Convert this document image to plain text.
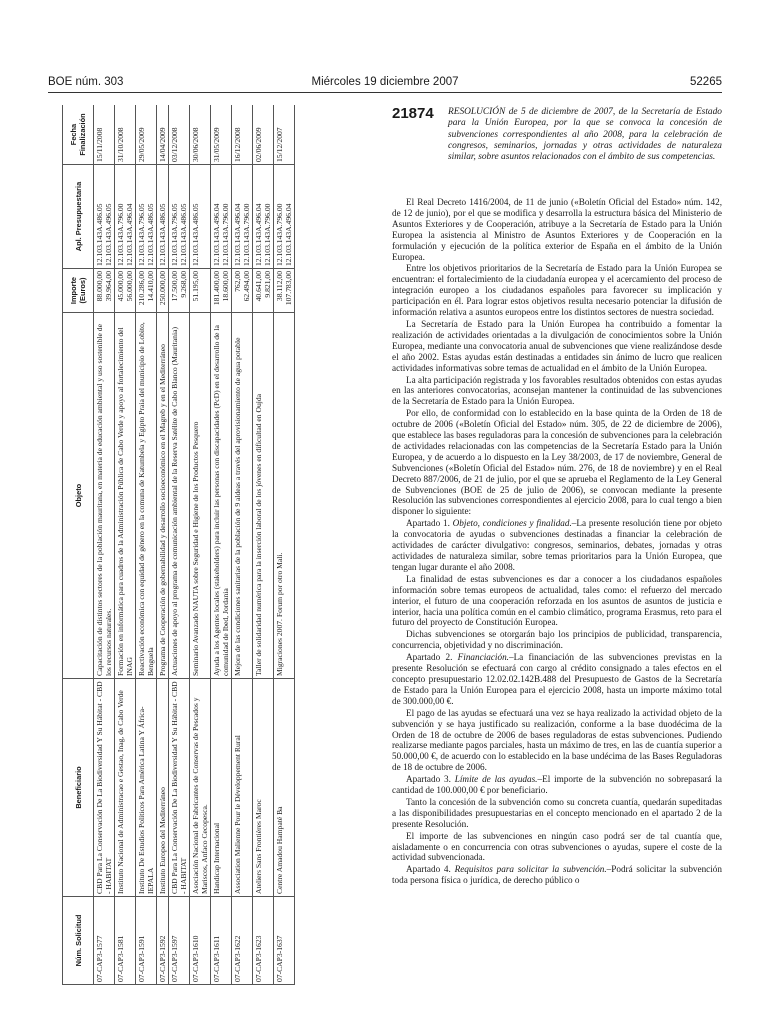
BOE núm. 303	Miércoles 19 diciembre 2007	52265
Núm. Solicitud	Beneficiario	Objeto	Importe (Euros)	Apl. Presupuestaria	Fecha Finalización
07-CAP3-1577	CBD Para La Conservación De La Biodiversidad Y Su Hábitat - CBD - HABITAT	Capacitación de distintos sectores de la población mauritana, en materia de educación ambiental y uso sostenible de los recursos naturales.	88.000,00 39.964,00	12.103.143A.486.05 12.103.143A.496.05	15/11/2008
07-CAP3-1581	Instituto Nacional de Administracao e Gestao, Inag, de Cabo Verde	Formación en informática para cuadros de la Administración Pública de Cabo Verde y apoyo al fortalecimiento del INAG	45.000,00 56.000,00	12.103.143A.796.00 12.103.143A.496.04	31/10/2008
07-CAP3-1591	Instituto De Estudios Políticos Para América Latina Y África-IEPALA	Reactivación económica con equidad de género en la comuna de Katumbela y Egipto Praia del municipio de Lobito, Benguela	210.286,00 14.410,00	12.103.143A.796.05 12.103.143A.486.05	29/05/2009
07-CAP3-1592	Instituto Europeo del Mediterráneo	Programa de Cooperación de gobernabilidad y desarrollo socioeconómico en el Magreb y en el Mediterráneo	250.000,00	12.103.143A.486.05	14/04/2009
07-CAP3-1597	CBD Para La Conservación De La Biodiversidad Y Su Hábitat - CBD - HABITAT	Actuaciones de apoyo al programa de comunicación ambiental de la Reserva Satélite de Cabo Blanco (Mauritania)	17.500,00 9.268,00	12.103.143A.796.05 12.103.143A.486.05	03/12/2008
07-CAP3-1610	Asociación Nacional de Fabricantes de Conservas de Pescados y Mariscos, Anfaco Cecopesca.	Seminario Avanzado NAUTA sobre Seguridad e Higiene de los Productos Pesquero	51.195,00	12.103.143A.486.05	30/06/2008
07-CAP3-1611	Handicap Internacional	Ayuda a los Agentes locales (stakeholders) para incluir las personas con discapacidades (PcD) en el desarrollo de la comunidad de Ibed, Jordania	181.400,00 18.600,00	12.103.143A.496.04 12.103.143A.796.00	31/05/2009
07-CAP3-1622	Association Malienne Pour le Développement Rural	Mejora de las condiciones sanitarias de la población de 9 aldeas a través del aprovisionamiento de agua potable	762,00 62.494,00	12.103.143A.496.04 12.103.143A.796.00	16/12/2008
07-CAP3-1623	Ateliers Sans Frontières Maroc	Taller de solidaridad numérica para la inserción laboral de los jóvenes en dificultad en Oujda	40.641,00 9.821,00	12.103.143A.496.04 12.103.143A.796.00	02/06/2009
07-CAP3-1637	Centre Amadou Hampaté Ba	Migraciones 2007. Forum por otro Mali.	38.112,00 107.783,00	12.103.143A.796.00 12.103.143A.496.04	15/12/2007
21874 RESOLUCIÓN de 5 de diciembre de 2007, de la Secretaría de Estado para la Unión Europea, por la que se convoca la concesión de subvenciones correspondientes al año 2008, para la celebración de congresos, seminarios, jornadas y otras actividades de naturaleza similar, sobre asuntos relacionados con el ámbito de sus competencias.

El Real Decreto 1416/2004, de 11 de junio («Boletín Oficial del Estado» núm. 142, de 12 de junio), por el que se modifica y desarrolla la estructura básica del Ministerio de Asuntos Exteriores y de Cooperación, atribuye a la Secretaría de Estado para la Unión Europea la asistencia al Ministro de Asuntos Exteriores y de Cooperación en la formulación y ejecución de la política exterior de España en el ámbito de la Unión Europea.

Entre los objetivos prioritarios de la Secretaría de Estado para la Unión Europea se encuentran: el fortalecimiento de la ciudadanía europea y el acercamiento del proceso de integración europeo a los ciudadanos españoles para favorecer su implicación y participación en él. Para lograr estos objetivos resulta necesario potenciar la difusión de información relativa a asuntos europeos entre los distintos sectores de nuestra sociedad.

La Secretaría de Estado para la Unión Europea ha contribuido a fomentar la realización de actividades orientadas a la divulgación de conocimientos sobre la Unión Europea, mediante una convocatoria anual de subvenciones que viene realizándose desde el año 2002. Estas ayudas están destinadas a entidades sin ánimo de lucro que realicen actividades informativas sobre temas de actualidad en el ámbito de la Unión Europea.

La alta participación registrada y los favorables resultados obtenidos con estas ayudas en las anteriores convocatorias, aconsejan mantener la continuidad de las subvenciones de la Secretaría de Estado para la Unión Europea.

Por ello, de conformidad con lo establecido en la base quinta de la Orden de 18 de octubre de 2006 («Boletín Oficial del Estado» núm. 305, de 22 de diciembre de 2006), que establece las bases reguladoras para la concesión de subvenciones para la celebración de actividades relacionadas con las competencias de la Secretaría Estado para la Unión Europea, y de acuerdo a lo dispuesto en la Ley 38/2003, de 17 de noviembre, General de Subvenciones («Boletín Oficial del Estado» núm. 276, de 18 de noviembre) y en el Real Decreto 887/2006, de 21 de julio, por el que se aprueba el Reglamento de la Ley General de Subvenciones (BOE de 25 de julio de 2006), se convocan mediante la presente Resolución las subvenciones correspondientes al ejercicio 2008, para lo cual tengo a bien disponer lo siguiente:

Apartado 1. Objeto, condiciones y finalidad.–La presente resolución tiene por objeto la convocatoria de ayudas o subvenciones destinadas a financiar la celebración de actividades de carácter divulgativo: congresos, seminarios, debates, jornadas y otras actividades de naturaleza similar, sobre temas prioritarios para la Unión Europea, que tengan lugar durante el año 2008.

La finalidad de estas subvenciones es dar a conocer a los ciudadanos españoles información sobre temas europeos de actualidad, tales como: el refuerzo del mercado interior, el futuro de una cooperación reforzada en los asuntos de asuntos de justicia e interior, hacia una política común en el cambio climático, programa Erasmus, reto para el futuro del proyecto de Constitución Europea.

Dichas subvenciones se otorgarán bajo los principios de publicidad, transparencia, concurrencia, objetividad y no discriminación.

Apartado 2. Financiación.–La financiación de las subvenciones previstas en la presente Resolución se efectuará con cargo al crédito consignado a tales efectos en el concepto presupuestario 12.02.02.142B.488 del Presupuesto de Gastos de la Secretaría de Estado para la Unión Europea para el ejercicio 2008, hasta un importe máximo total de 300.000,00 €.

El pago de las ayudas se efectuará una vez se haya realizado la actividad objeto de la subvención y se haya justificado su realización, conforme a la base duodécima de la Orden de 18 de octubre de 2006 de bases reguladoras de estas subvenciones. Pudiendo realizarse mediante pagos parciales, hasta un máximo de tres, en las de cuantía superior a 50.000,00 €, de acuerdo con lo establecido en la base undécima de las Bases Reguladoras de 18 de octubre de 2006.

Apartado 3. Límite de las ayudas.–El importe de la subvención no sobrepasará la cantidad de 100.000,00 € por beneficiario.

Tanto la concesión de la subvención como su concreta cuantía, quedarán supeditadas a las disponibilidades presupuestarias en el concepto mencionado en el apartado 2 de la presente Resolución.

El importe de las subvenciones en ningún caso podrá ser de tal cuantía que, aisladamente o en concurrencia con otras subvenciones o ayudas, supere el coste de la actividad subvencionada.

Apartado 4. Requisitos para solicitar la subvención.–Podrá solicitar la subvención toda persona física o jurídica, de derecho público o
